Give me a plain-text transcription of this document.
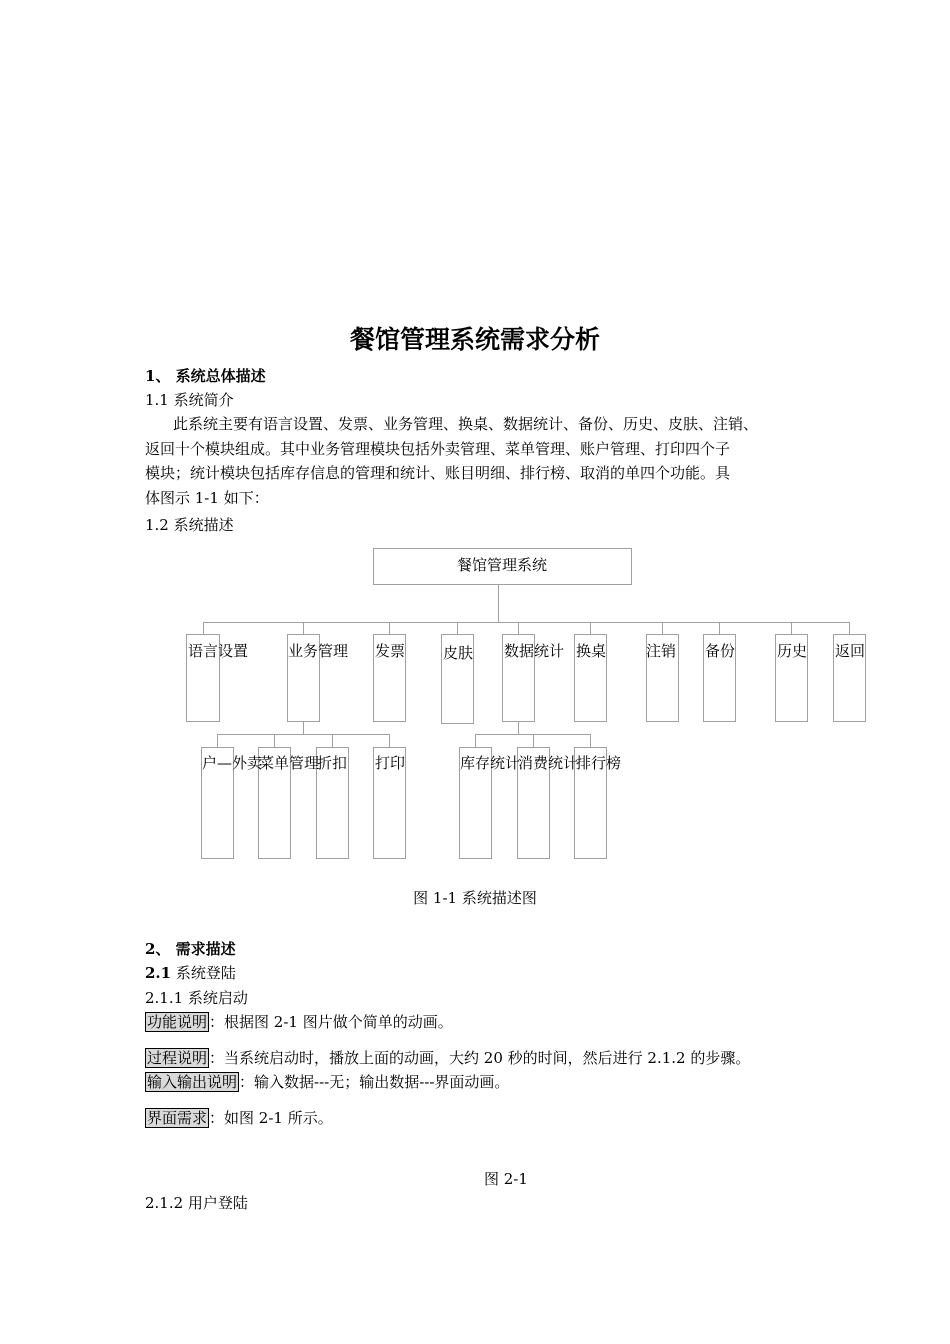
餐馆管理系统需求分析
1、 系统总体描述
1.1 系统简介

此系统主要有语言设置、发票、业务管理、换桌、数据统计、备份、历史、皮肤、注销、

返回十个模块组成。其中业务管理模块包括外卖管理、菜单管理、账户管理、打印四个子

模块；统计模块包括库存信息的管理和统计、账目明细、排行榜、取消的单四个功能。具

体图示 1-1 如下：

1.2 系统描述
餐馆管理系统
语言设置	业务管理 发票	皮肤 数据统计 换桌	注销 备份	历史 返回
户—外卖
菜单管理
折扣 打印	库存统计
消费统计
排行榜
图 1-1 系统描述图
2、 需求描述
2.1 系统登陆
2.1.1 系统启动
功能说明 ：根据图 2-1 图片做个简单的动画。
过程说明 ：当系统启动时，播放上面的动画，大约 20 秒的时间，然后进行 2.1.2 的步骤。
输入输出说明 ：输入数据---无；输出数据---界面动画。
界面需求 ：如图 2-1 所示。
图 2-1
2.1.2 用户登陆
